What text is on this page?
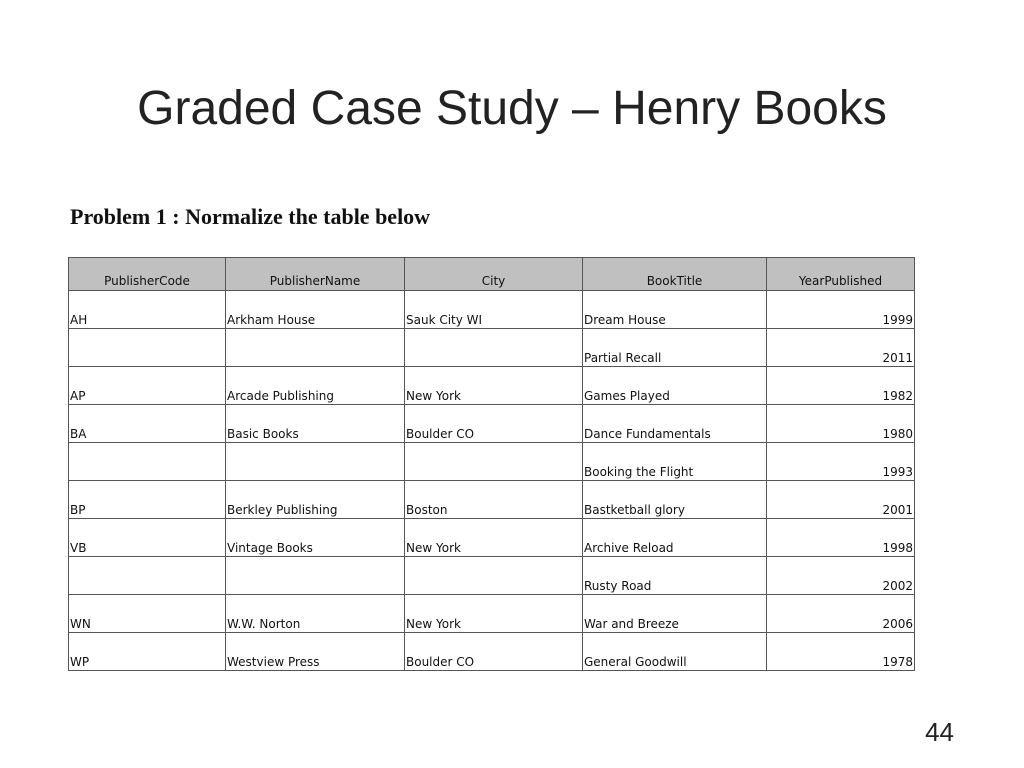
Graded Case Study – Henry Books

Problem 1 : Normalize the table below

PublisherCode	PublisherName	City	BookTitle	YearPublished
AH	Arkham House	Sauk City WI	Dream House	1999
			Partial Recall	2011
AP	Arcade Publishing	New York	Games Played	1982
BA	Basic Books	Boulder CO	Dance Fundamentals	1980
			Booking the Flight	1993
BP	Berkley Publishing	Boston	Bastketball glory	2001
VB	Vintage Books	New York	Archive Reload	1998
			Rusty Road	2002
WN	W.W. Norton	New York	War and Breeze	2006
WP	Westview Press	Boulder CO	General Goodwill	1978
44
